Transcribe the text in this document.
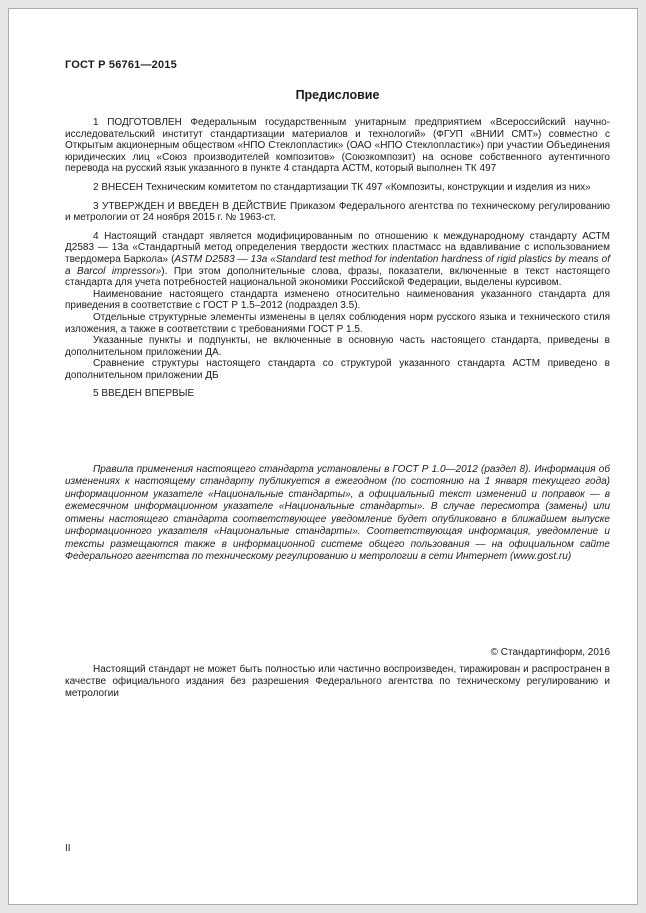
ГОСТ Р 56761—2015
Предисловие

1 ПОДГОТОВЛЕН Федеральным государственным унитарным предприятием «Всероссийский научно-исследовательский институт стандартизации материалов и технологий» (ФГУП «ВНИИ СМТ») совместно с Открытым акционерным обществом «НПО Стеклопластик» (ОАО «НПО Стеклопластик») при участии Объединения юридических лиц «Союз производителей композитов» (Союзкомпозит) на основе собственного аутентичного перевода на русский язык указанного в пункте 4 стандарта АСТМ, который выполнен ТК 497

2 ВНЕСЕН Техническим комитетом по стандартизации ТК 497 «Композиты, конструкции и изделия из них»

3 УТВЕРЖДЕН И ВВЕДЕН В ДЕЙСТВИЕ Приказом Федерального агентства по техническому регулированию и метрологии от 24 ноября 2015 г. № 1963-ст.

4 Настоящий стандарт является модифицированным по отношению к международному стандарту АСТМ Д2583 — 13а «Стандартный метод определения твердости жестких пластмасс на вдавливание с использованием твердомера Баркола» (ASTM D2583 — 13a «Standard test method for indentation hardness of rigid plastics by means of a Barcol impressor»). При этом дополнительные слова, фразы, показатели, включенные в текст настоящего стандарта для учета потребностей национальной экономики Российской Федерации, выделены курсивом.

Наименование настоящего стандарта изменено относительно наименования указанного стандарта для приведения в соответствие с ГОСТ Р 1.5–2012 (подраздел 3.5).

Отдельные структурные элементы изменены в целях соблюдения норм русского языка и технического стиля изложения, а также в соответствии с требованиями ГОСТ Р 1.5.

Указанные пункты и подпункты, не включенные в основную часть настоящего стандарта, приведены в дополнительном приложении ДА.

Сравнение структуры настоящего стандарта со структурой указанного стандарта АСТМ приведено в дополнительном приложении ДБ

5 ВВЕДЕН ВПЕРВЫЕ

Правила применения настоящего стандарта установлены в ГОСТ Р 1.0—2012 (раздел 8). Информация об изменениях к настоящему стандарту публикуется в ежегодном (по состоянию на 1 января текущего года) информационном указателе «Национальные стандарты», а официальный текст изменений и поправок — в ежемесячном информационном указателе «Национальные стандарты». В случае пересмотра (замены) или отмены настоящего стандарта соответствующее уведомление будет опубликовано в ближайшем выпуске информационного указателя «Национальные стандарты». Соответствующая информация, уведомление и тексты размещаются также в информационной системе общего пользования — на официальном сайте Федерального агентства по техническому регулированию и метрологии в сети Интернет (www.gost.ru)

© Стандартинформ, 2016

Настоящий стандарт не может быть полностью или частично воспроизведен, тиражирован и распространен в качестве официального издания без разрешения Федерального агентства по техническому регулированию и метрологии

II
